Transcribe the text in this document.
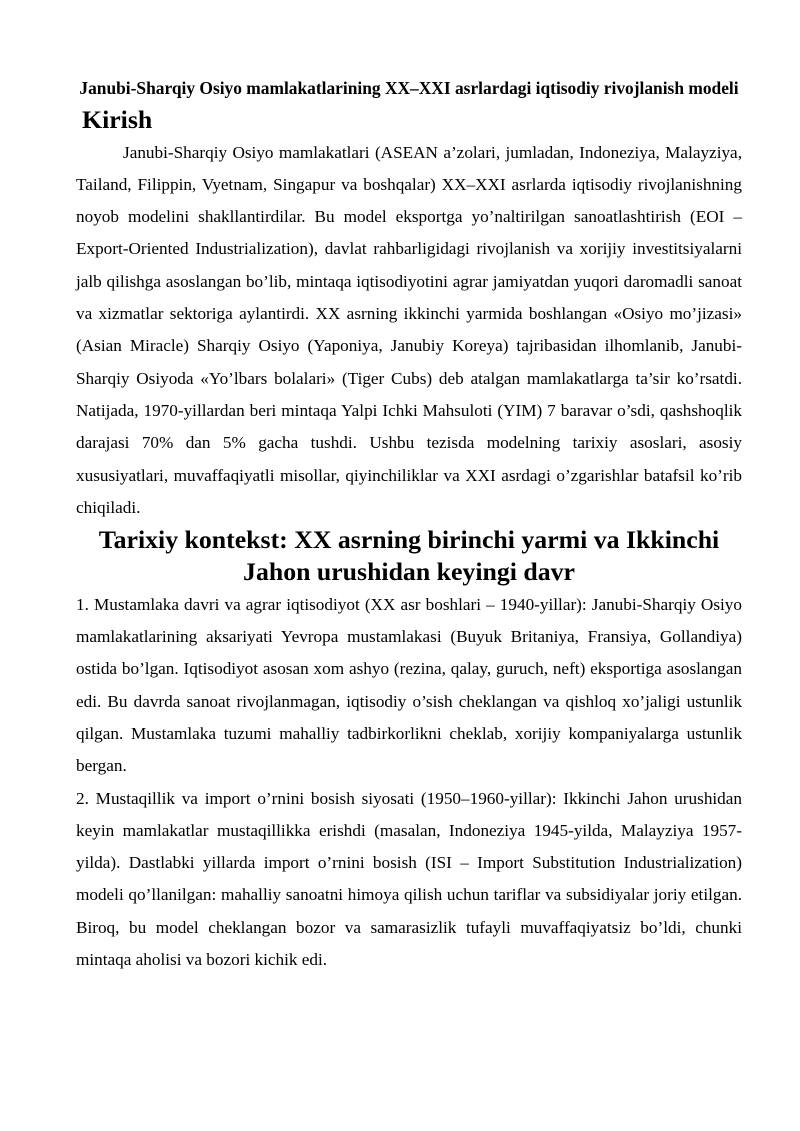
Janubi-Sharqiy Osiyo mamlakatlarining XX–XXI asrlardagi iqtisodiy rivojlanish modeli
Kirish

Janubi-Sharqiy Osiyo mamlakatlari (ASEAN a’zolari, jumladan, Indoneziya, Malayziya, Tailand, Filippin, Vyetnam, Singapur va boshqalar) XX–XXI asrlarda iqtisodiy rivojlanishning noyob modelini shakllantirdilar. Bu model eksportga yo’naltirilgan sanoatlashtirish (EOI – Export-Oriented Industrialization), davlat rahbarligidagi rivojlanish va xorijiy investitsiyalarni jalb qilishga asoslangan bo’lib, mintaqa iqtisodiyotini agrar jamiyatdan yuqori daromadli sanoat va xizmatlar sektoriga aylantirdi. XX asrning ikkinchi yarmida boshlangan «Osiyo mo’jizasi» (Asian Miracle) Sharqiy Osiyo (Yaponiya, Janubiy Koreya) tajribasidan ilhomlanib, Janubi-Sharqiy Osiyoda «Yo’lbars bolalari» (Tiger Cubs) deb atalgan mamlakatlarga ta’sir ko’rsatdi. Natijada, 1970-yillardan beri mintaqa Yalpi Ichki Mahsuloti (YIM) 7 baravar o’sdi, qashshoqlik darajasi 70% dan 5% gacha tushdi. Ushbu tezisda modelning tarixiy asoslari, asosiy xususiyatlari, muvaffaqiyatli misollar, qiyinchiliklar va XXI asrdagi o’zgarishlar batafsil ko’rib chiqiladi.

Tarixiy kontekst: XX asrning birinchi yarmi va Ikkinchi Jahon urushidan keyingi davr

1. Mustamlaka davri va agrar iqtisodiyot (XX asr boshlari – 1940-yillar): Janubi-Sharqiy Osiyo mamlakatlarining aksariyati Yevropa mustamlakasi (Buyuk Britaniya, Fransiya, Gollandiya) ostida bo’lgan. Iqtisodiyot asosan xom ashyo (rezina, qalay, guruch, neft) eksportiga asoslangan edi. Bu davrda sanoat rivojlanmagan, iqtisodiy o’sish cheklangan va qishloq xo’jaligi ustunlik qilgan. Mustamlaka tuzumi mahalliy tadbirkorlikni cheklab, xorijiy kompaniyalarga ustunlik bergan.

2. Mustaqillik va import o’rnini bosish siyosati (1950–1960-yillar): Ikkinchi Jahon urushidan keyin mamlakatlar mustaqillikka erishdi (masalan, Indoneziya 1945-yilda, Malayziya 1957-yilda). Dastlabki yillarda import o’rnini bosish (ISI – Import Substitution Industrialization) modeli qo’llanilgan: mahalliy sanoatni himoya qilish uchun tariflar va subsidiyalar joriy etilgan. Biroq, bu model cheklangan bozor va samarasizlik tufayli muvaffaqiyatsiz bo’ldi, chunki mintaqa aholisi va bozori kichik edi.
